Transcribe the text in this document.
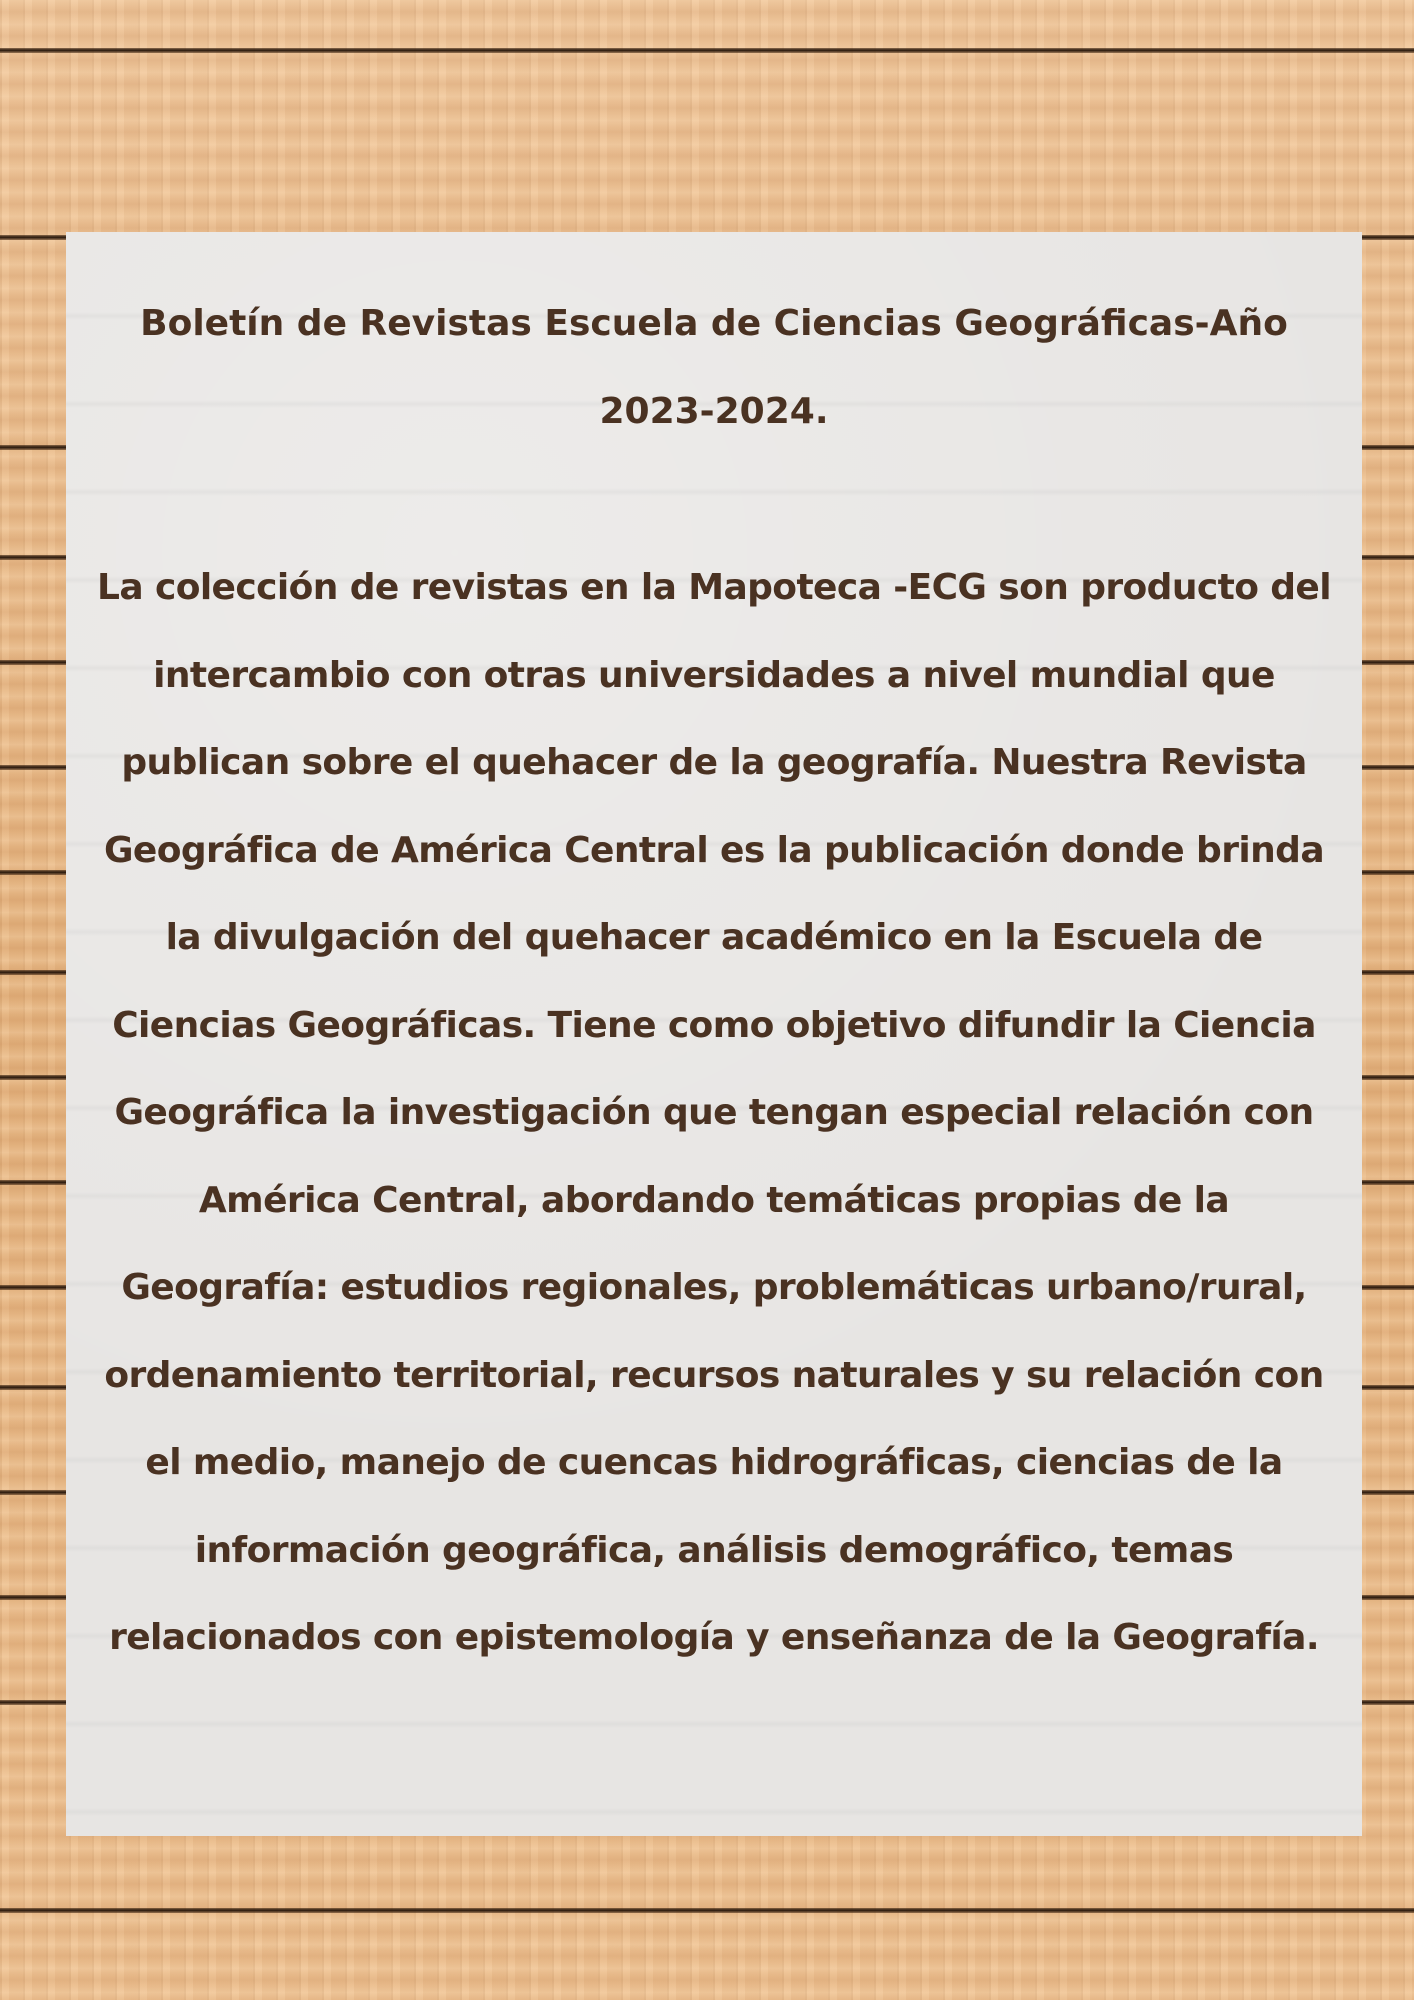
Boletín de Revistas Escuela de Ciencias Geográficas-Año 2023-2024.

La colección de revistas en la Mapoteca -ECG son producto del intercambio con otras universidades a nivel mundial que publican sobre el quehacer de la geografía. Nuestra Revista Geográfica de América Central es la publicación donde brinda la divulgación del quehacer académico en la Escuela de Ciencias Geográficas. Tiene como objetivo difundir la Ciencia Geográfica la investigación que tengan especial relación con América Central, abordando temáticas propias de la Geografía: estudios regionales, problemáticas urbano/rural, ordenamiento territorial, recursos naturales y su relación con el medio, manejo de cuencas hidrográficas, ciencias de la información geográfica, análisis demográfico, temas relacionados con epistemología y enseñanza de la Geografía.
